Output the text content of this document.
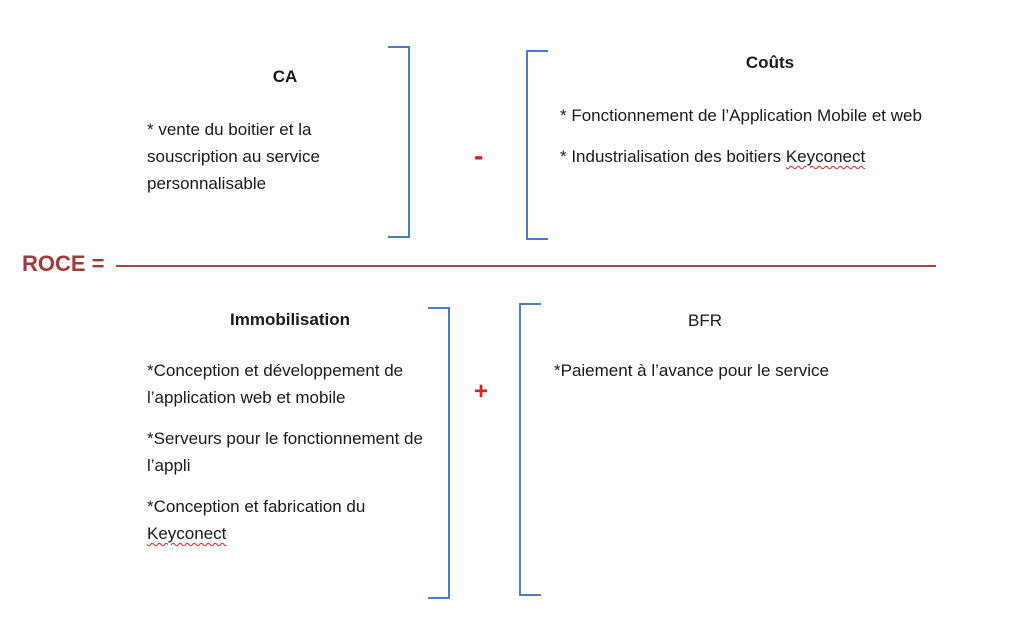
CA
* vente du boitier et la souscription au service personnalisable
-
Coûts

* Fonctionnement de l’Application Mobile et web

* Industrialisation des boitiers Keyconect

ROCE =
Immobilisation

*Conception et développement de l’application web et mobile

*Serveurs pour le fonctionnement de l’appli

*Conception et fabrication du Keyconect

+
BFR
*Paiement à l’avance pour le service
